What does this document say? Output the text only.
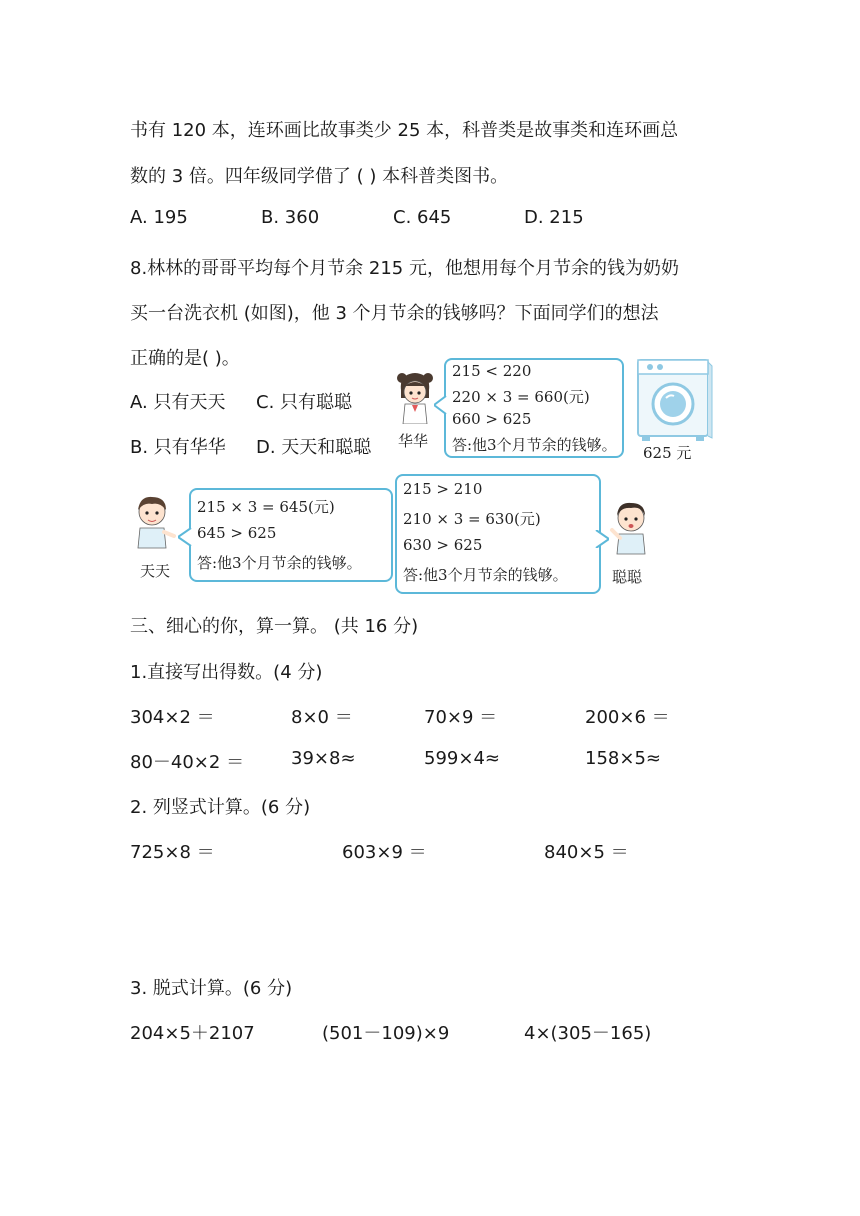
书有 120 本，连环画比故事类少 25 本，科普类是故事类和连环画总
数的 3 倍。四年级同学借了 ( ) 本科普类图书。
A. 195	B. 360	C. 645	D. 215
8.林林的哥哥平均每个月节余 215 元，他想用每个月节余的钱为奶奶
买一台洗衣机 (如图)，他 3 个月节余的钱够吗？下面同学们的想法
正确的是( )。
A. 只有天天 C. 只有聪聪
B. 只有华华 D. 天天和聪聪 华华
215 < 220
220 × 3 = 660(元)
660 > 625
答:他3个月节余的钱够。 625 元
天天
215 × 3 = 645(元)
645 > 625
答:他3个月节余的钱够。
215 > 210
210 × 3 = 630(元)
630 > 625
答:他3个月节余的钱够。	聪聪
三、细心的你，算一算。 (共 16 分)
1.直接写出得数。(4 分)
304×2 ＝	8×0 ＝	70×9 ＝	200×6 ＝
80－40×2 ＝	39×8≈	599×4≈	158×5≈
2. 列竖式计算。(6 分)
725×8 ＝	603×9 ＝	840×5 ＝
3. 脱式计算。(6 分)
204×5＋2107	(501－109)×9	4×(305－165)
